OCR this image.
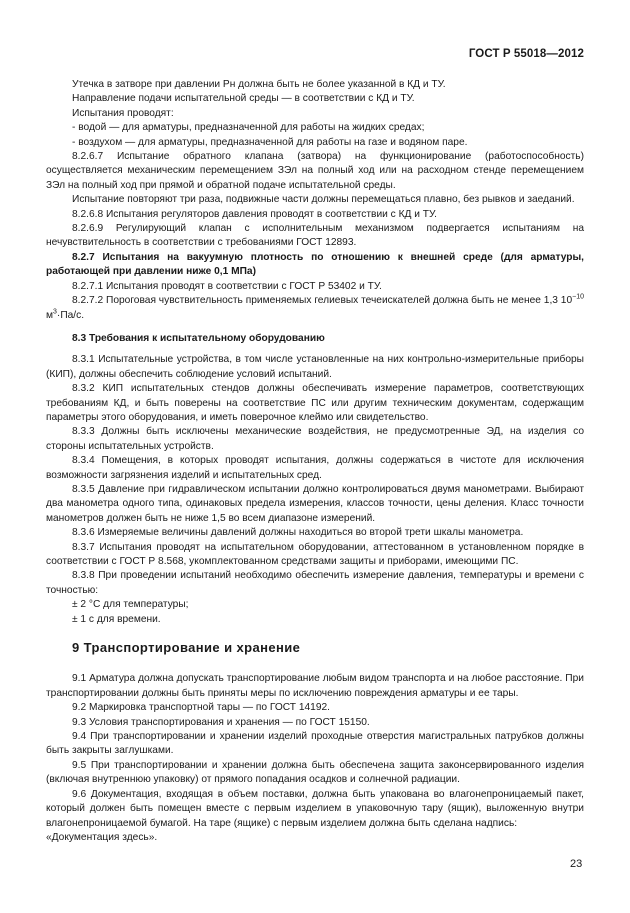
ГОСТ Р 55018—2012

Утечка в затворе при давлении Pн должна быть не более указанной в КД и ТУ.

Направление подачи испытательной среды — в соответствии с КД и ТУ.

Испытания проводят:

- водой — для арматуры, предназначенной для работы на жидких средах;

- воздухом — для арматуры, предназначенной для работы на газе и водяном паре.

8.2.6.7 Испытание обратного клапана (затвора) на функционирование (работоспособность) осуществляется механическим перемещением ЗЭл на полный ход или на расходном стенде перемещением ЗЭл на полный ход при прямой и обратной подаче испытательной среды.

Испытание повторяют три раза, подвижные части должны перемещаться плавно, без рывков и заеданий.

8.2.6.8 Испытания регуляторов давления проводят в соответствии с КД и ТУ.

8.2.6.9 Регулирующий клапан с исполнительным механизмом подвергается испытаниям на нечувствительность в соответствии с требованиями ГОСТ 12893.

8.2.7 Испытания на вакуумную плотность по отношению к внешней среде (для арматуры, работающей при давлении ниже 0,1 МПа)

8.2.7.1 Испытания проводят в соответствии с ГОСТ Р 53402 и ТУ.

8.2.7.2 Пороговая чувствительность применяемых гелиевых течеискателей должна быть не менее 1,3 $10^{-10}$ $м^3\cdot Па/с$.

8.3 Требования к испытательному оборудованию

8.3.1 Испытательные устройства, в том числе установленные на них контрольно-измерительные приборы (КИП), должны обеспечить соблюдение условий испытаний.

8.3.2 КИП испытательных стендов должны обеспечивать измерение параметров, соответствующих требованиям КД, и быть поверены на соответствие ПС или другим техническим документам, содержащим параметры этого оборудования, и иметь поверочное клеймо или свидетельство.

8.3.3 Должны быть исключены механические воздействия, не предусмотренные ЭД, на изделия со стороны испытательных устройств.

8.3.4 Помещения, в которых проводят испытания, должны содержаться в чистоте для исключения возможности загрязнения изделий и испытательных сред.

8.3.5 Давление при гидравлическом испытании должно контролироваться двумя манометрами. Выбирают два манометра одного типа, одинаковых предела измерения, классов точности, цены деления. Класс точности манометров должен быть не ниже 1,5 во всем диапазоне измерений.

8.3.6 Измеряемые величины давлений должны находиться во второй трети шкалы манометра.

8.3.7 Испытания проводят на испытательном оборудовании, аттестованном в установленном порядке в соответствии с ГОСТ Р 8.568, укомплектованном средствами защиты и приборами, имеющими ПС.

8.3.8 При проведении испытаний необходимо обеспечить измерение давления, температуры и времени с точностью:

± 2 °С для температуры;

± 1 с для времени.

9 Транспортирование и хранение

9.1 Арматура должна допускать транспортирование любым видом транспорта и на любое расстояние. При транспортировании должны быть приняты меры по исключению повреждения арматуры и ее тары.

9.2 Маркировка транспортной тары — по ГОСТ 14192.

9.3 Условия транспортирования и хранения — по ГОСТ 15150.

9.4 При транспортировании и хранении изделий проходные отверстия магистральных патрубков должны быть закрыты заглушками.

9.5 При транспортировании и хранении должна быть обеспечена защита законсервированного изделия (включая внутреннюю упаковку) от прямого попадания осадков и солнечной радиации.

9.6 Документация, входящая в объем поставки, должна быть упакована во влагонепроницаемый пакет, который должен быть помещен вместе с первым изделием в упаковочную тару (ящик), выложенную внутри влагонепроницаемой бумагой. На таре (ящике) с первым изделием должна быть сделана надпись:

«Документация здесь».

23
